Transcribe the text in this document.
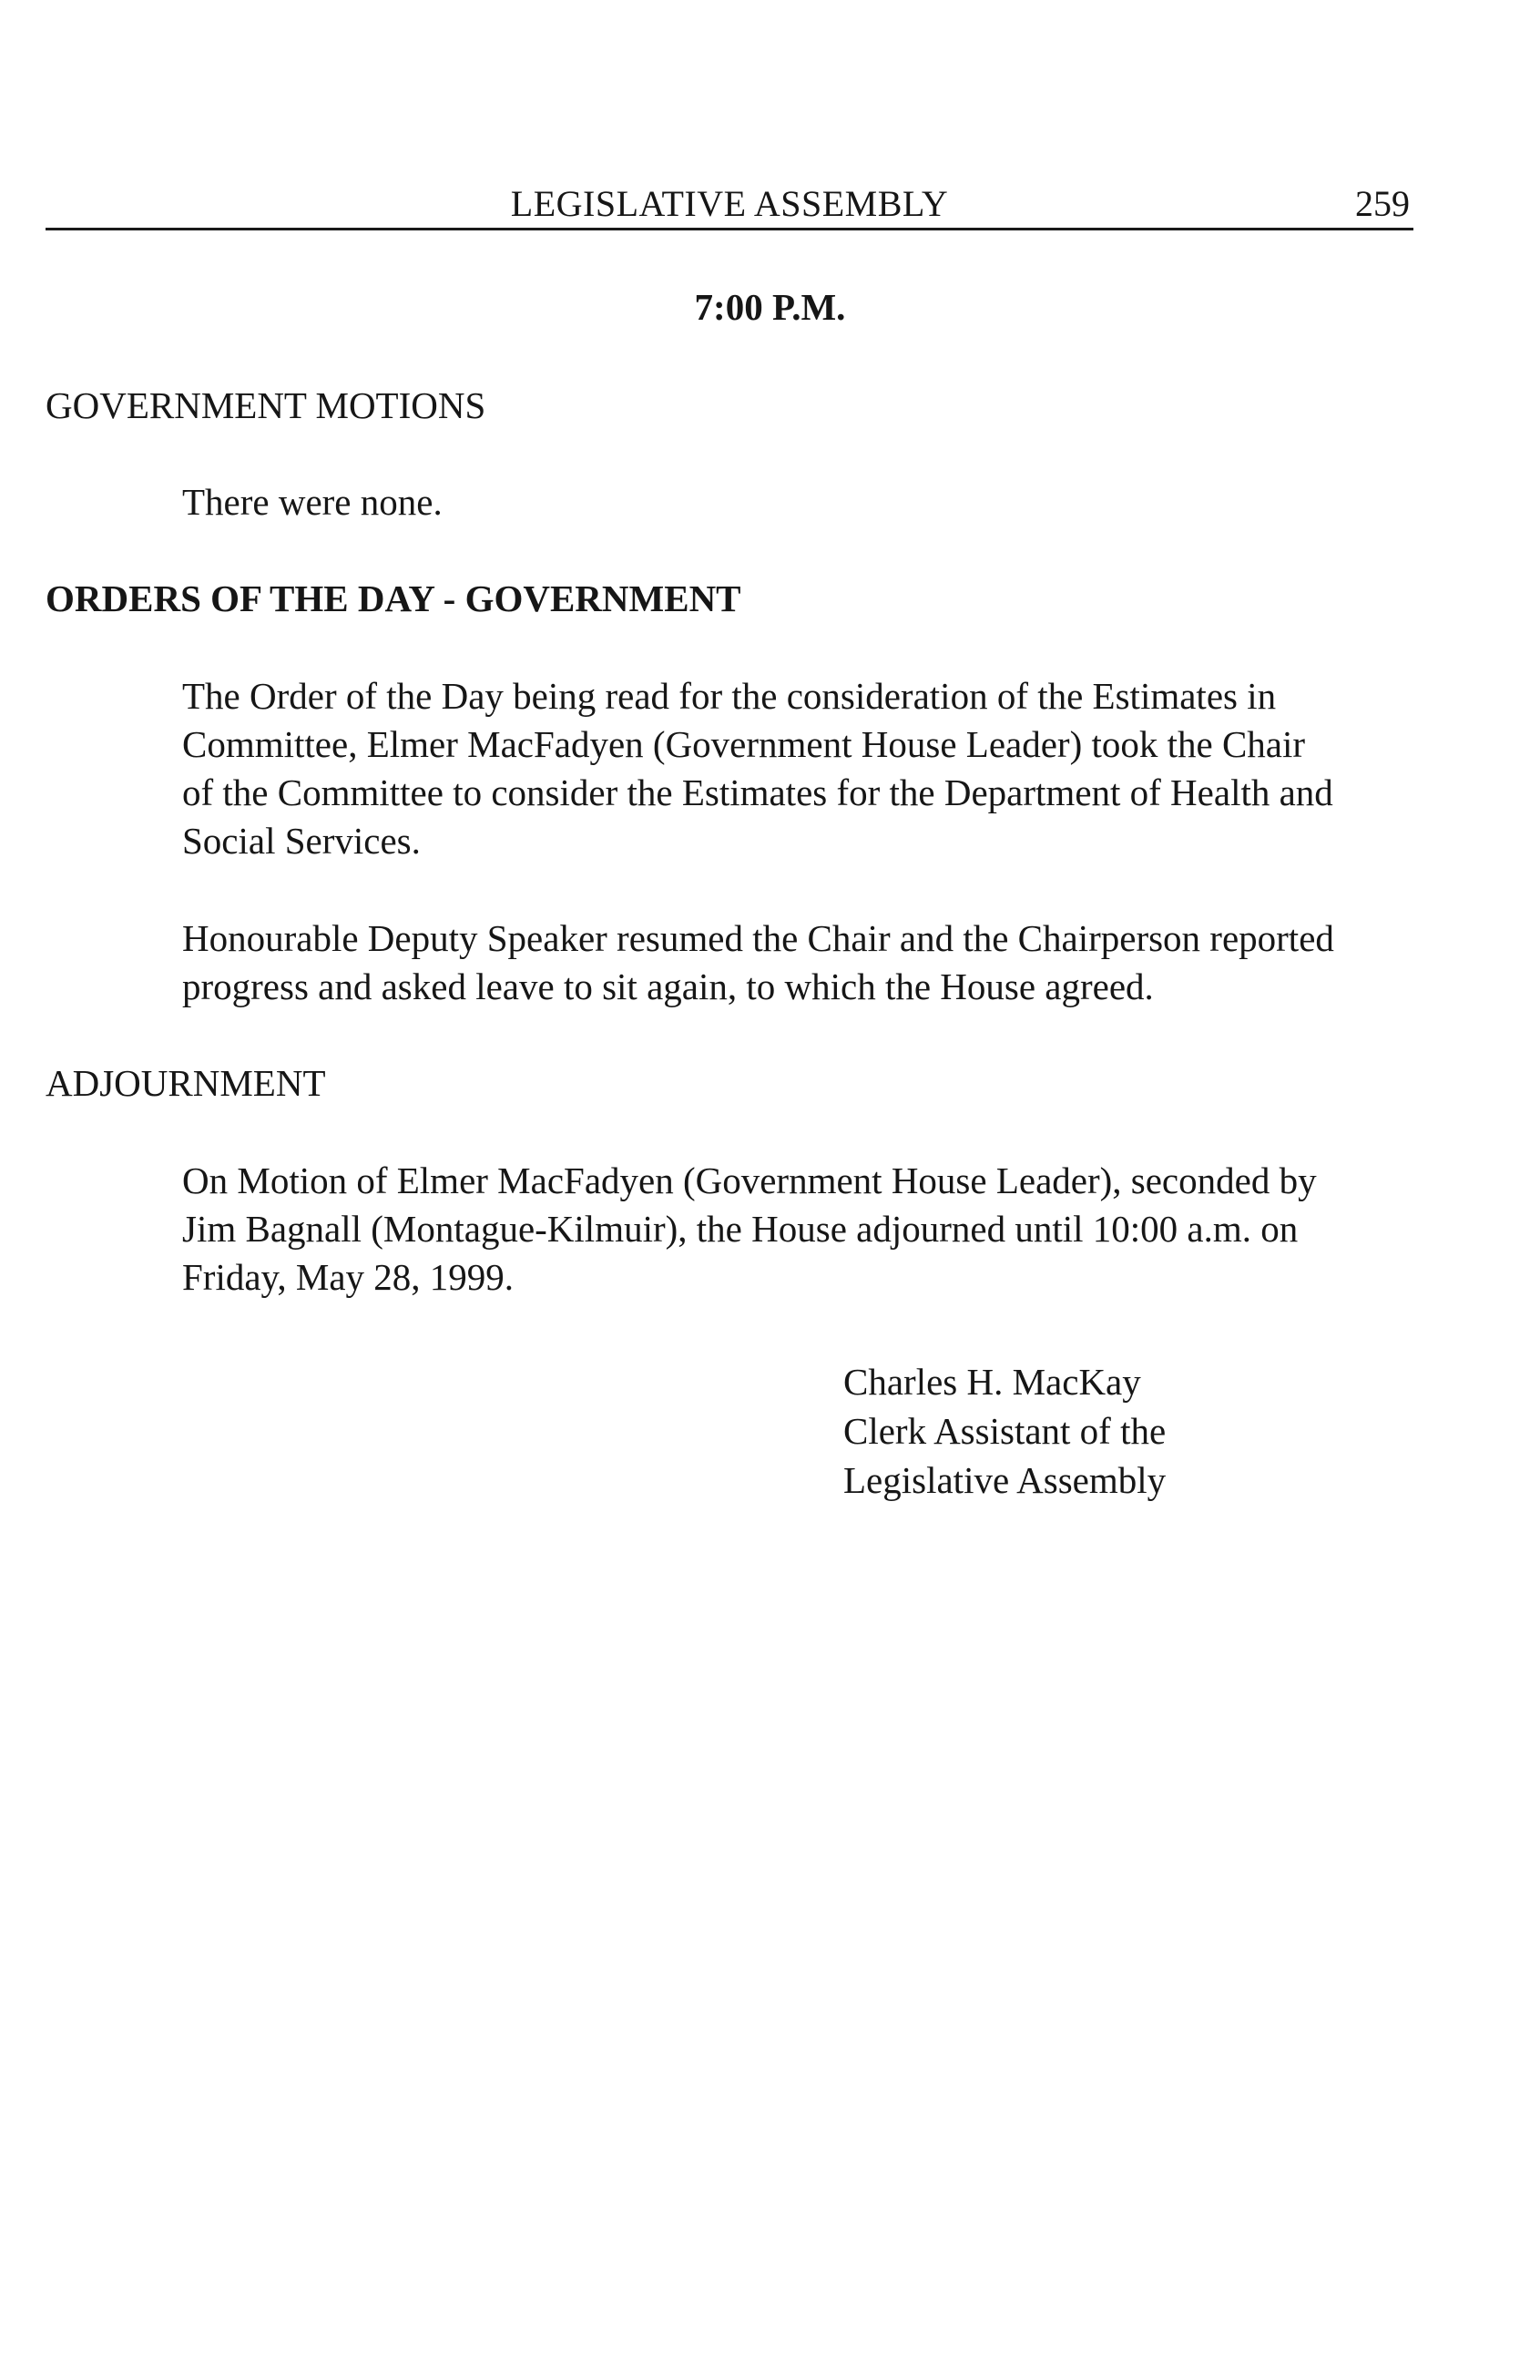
LEGISLATIVE ASSEMBLY	259
7:00 P.M.
GOVERNMENT MOTIONS

There were none.

ORDERS OF THE DAY - GOVERNMENT

The Order of the Day being read for the consideration of the Estimates in
Committee, Elmer MacFadyen (Government House Leader) took the Chair
of the Committee to consider the Estimates for the Department of Health and
Social Services.

Honourable Deputy Speaker resumed the Chair and the Chairperson reported
progress and asked leave to sit again, to which the House agreed.

ADJOURNMENT

On Motion of Elmer MacFadyen (Government House Leader), seconded by
Jim Bagnall (Montague-Kilmuir), the House adjourned until 10:00 a.m. on
Friday, May 28, 1999.

Charles H. MacKay
Clerk Assistant of the
Legislative Assembly
